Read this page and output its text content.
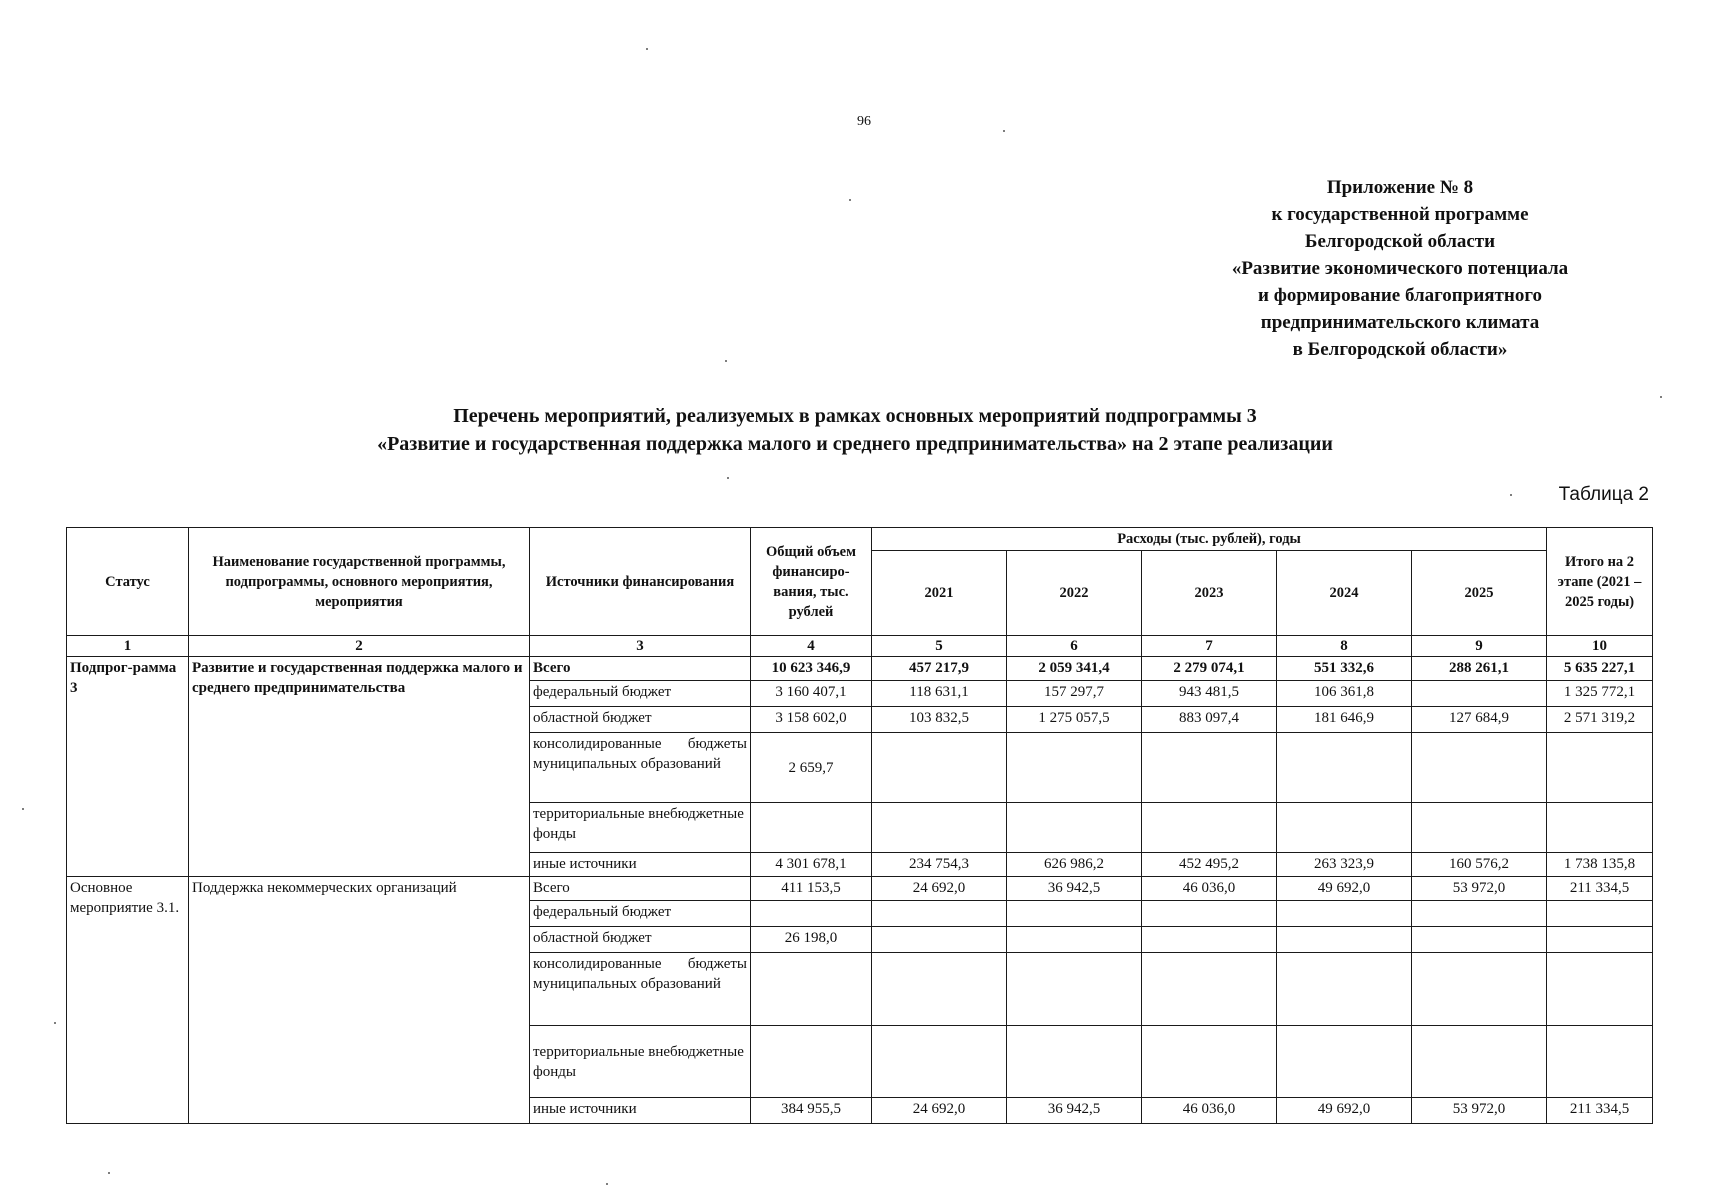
96
Приложение № 8
к государственной программе
Белгородской области
«Развитие экономического потенциала
и формирование благоприятного
предпринимательского климата
в Белгородской области»
Перечень мероприятий, реализуемых в рамках основных мероприятий подпрограммы 3
«Развитие и государственная поддержка малого и среднего предпринимательства» на 2 этапе реализации
Таблица 2
Статус	Наименование государственной программы, подпрограммы, основного мероприятия, мероприятия	Источники финансирования	Общий объем финансиро-вания, тыс. рублей	Расходы (тыс. рублей), годы					Итого на 2 этапе (2021 – 2025 годы)
				2021	2022	2023	2024	2025	
1	2	3	4	5	6	7	8	9	10
Подпрог-рамма 3	Развитие и государственная поддержка малого и среднего предпринимательства	Всего	10 623 346,9	457 217,9	2 059 341,4	2 279 074,1	551 332,6	288 261,1	5 635 227,1
		федеральный бюджет	3 160 407,1	118 631,1	157 297,7	943 481,5	106 361,8		1 325 772,1
		областной бюджет	3 158 602,0	103 832,5	1 275 057,5	883 097,4	181 646,9	127 684,9	2 571 319,2
		консолидированные бюджеты муниципальных образований	2 659,7						
		территориальные внебюджетные фонды							
		иные источники	4 301 678,1	234 754,3	626 986,2	452 495,2	263 323,9	160 576,2	1 738 135,8
Основное мероприятие 3.1.	Поддержка некоммерческих организаций	Всего	411 153,5	24 692,0	36 942,5	46 036,0	49 692,0	53 972,0	211 334,5
		федеральный бюджет							
		областной бюджет	26 198,0						
		консолидированные бюджеты муниципальных образований							
		территориальные внебюджетные фонды							
		иные источники	384 955,5	24 692,0	36 942,5	46 036,0	49 692,0	53 972,0	211 334,5
